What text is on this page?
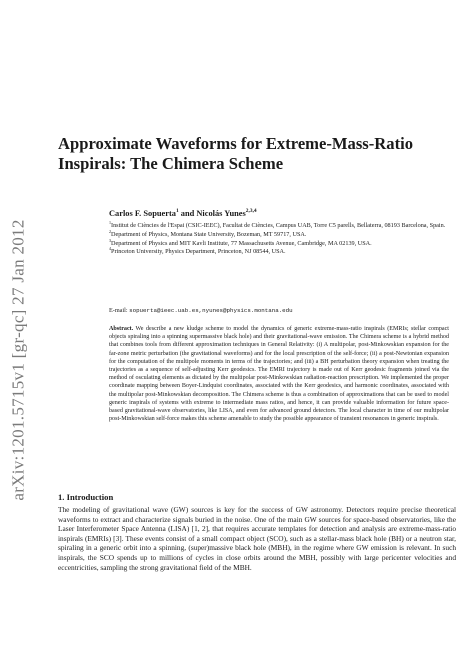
arXiv:1201.5715v1 [gr-qc] 27 Jan 2012
Approximate Waveforms for Extreme-Mass-Ratio Inspirals: The Chimera Scheme

Carlos F. Sopuerta$^1$ and Nicolás Yunes$^{2,3,4}$

$^1$Institut de Ciències de l'Espai (CSIC-IEEC), Facultat de Ciències, Campus UAB, Torre C5 parells, Bellaterra, 08193 Barcelona, Spain.

$^2$Department of Physics, Montana State University, Bozeman, MT 59717, USA.

$^3$Department of Physics and MIT Kavli Institute, 77 Massachusetts Avenue, Cambridge, MA 02139, USA.

$^4$Princeton University, Physics Department, Princeton, NJ 08544, USA.

E-mail: sopuerta@ieec.uab.es,nyunes@physics.montana.edu

Abstract. We describe a new kludge scheme to model the dynamics of generic extreme-mass-ratio inspirals (EMRIs; stellar compact objects spiraling into a spinning supermassive black hole) and their gravitational-wave emission. The Chimera scheme is a hybrid method that combines tools from different approximation techniques in General Relativity: (i) A multipolar, post-Minkowskian expansion for the far-zone metric perturbation (the gravitational waveforms) and for the local prescription of the self-force; (ii) a post-Newtonian expansion for the computation of the multipole moments in terms of the trajectories; and (iii) a BH perturbation theory expansion when treating the trajectories as a sequence of self-adjusting Kerr geodesics. The EMRI trajectory is made out of Kerr geodesic fragments joined via the method of osculating elements as dictated by the multipolar post-Minkowskian radiation-reaction prescription. We implemented the proper coordinate mapping between Boyer-Lindquist coordinates, associated with the Kerr geodesics, and harmonic coordinates, associated with the multipolar post-Minkowskian decomposition. The Chimera scheme is thus a combination of approximations that can be used to model generic inspirals of systems with extreme to intermediate mass ratios, and hence, it can provide valuable information for future space-based gravitational-wave observatories, like LISA, and even for advanced ground detectors. The local character in time of our multipolar post-Minkowskian self-force makes this scheme amenable to study the possible appearance of transient resonances in generic inspirals.

1. Introduction

The modeling of gravitational wave (GW) sources is key for the success of GW astronomy. Detectors require precise theoretical waveforms to extract and characterize signals buried in the noise. One of the main GW sources for space-based observatories, like the Laser Interferometer Space Antenna (LISA) [1, 2], that requires accurate templates for detection and analysis are extreme-mass-ratio inspirals (EMRIs) [3]. These events consist of a small compact object (SCO), such as a stellar-mass black hole (BH) or a neutron star, spiraling in a generic orbit into a spinning, (super)massive black hole (MBH), in the regime where GW emission is relevant. In such inspirals, the SCO spends up to millions of cycles in close orbits around the MBH, possibly with large pericenter velocities and eccentricities, sampling the strong gravitational field of the MBH.
